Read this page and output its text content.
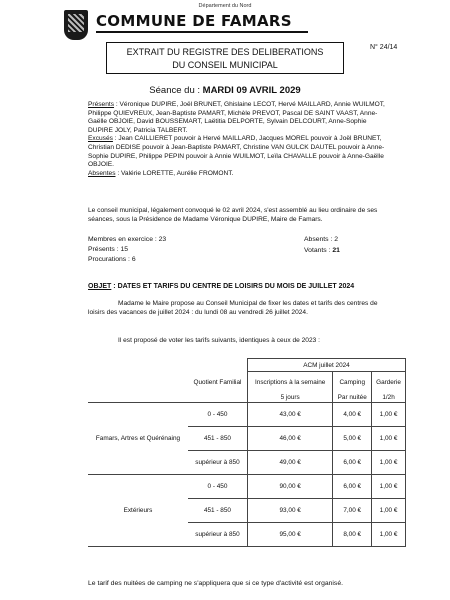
Département du Nord
COMMUNE DE FAMARS
EXTRAIT DU REGISTRE DES DELIBERATIONS
DU CONSEIL MUNICIPAL
N° 24/14
Séance du : MARDI 09 AVRIL 2029
Présents : Véronique DUPIRE, Joël BRUNET, Ghislaine LECOT, Hervé MAILLARD, Annie WUILMOT, Philippe QUIEVREUX, Jean-Baptiste PAMART, Michèle PREVOT, Pascal DE SAINT VAAST, Anne-Gaëlle OBJOIE, David BOUSSEMART, Laëtitia DELPORTE, Sylvain DELCOURT, Anne-Sophie DUPIRE JOLY, Patricia TALBERT.
Excusés : Jean CAILLIERET pouvoir à Hervé MAILLARD, Jacques MOREL pouvoir à Joël BRUNET, Christian DEDISE pouvoir à Jean-Baptiste PAMART, Christine VAN GULCK DAUTEL pouvoir à Anne-Sophie DUPIRE, Philippe PEPIN pouvoir à Annie WUILMOT, Leïla CHAVALLE pouvoir à Anne-Gaëlle OBJOIE.
Absentes : Valérie LORETTE, Aurélie FROMONT.
Le conseil municipal, légalement convoqué le 02 avril 2024, s'est assemblé au lieu ordinaire de ses séances, sous la Présidence de Madame Véronique DUPIRE, Maire de Famars.
Membres en exercice : 23
Présents : 15
Procurations : 6
Absents : 2
Votants : 21
OBJET : DATES ET TARIFS DU CENTRE DE LOISIRS DU MOIS DE JUILLET 2024
Madame le Maire propose au Conseil Municipal de fixer les dates et tarifs des centres de loisirs des vacances de juillet 2024 : du lundi 08 au vendredi 26 juillet 2024.
Il est proposé de voter les tarifs suivants, identiques à ceux de 2023 :
		ACM juillet 2024		
	Quotient Familial	Inscriptions à la semaine	Camping	Garderie
		5 jours	Par nuitée	1/2h
Famars, Artres et Quérénaing	0 - 450	43,00 €	4,00 €	1,00 €
	451 - 850	46,00 €	5,00 €	1,00 €
	supérieur à 850	49,00 €	6,00 €	1,00 €
Extérieurs	0 - 450	90,00 €	6,00 €	1,00 €
	451 - 850	93,00 €	7,00 €	1,00 €
	supérieur à 850	95,00 €	8,00 €	1,00 €
Le tarif des nuitées de camping ne s'appliquera que si ce type d'activité est organisé.
